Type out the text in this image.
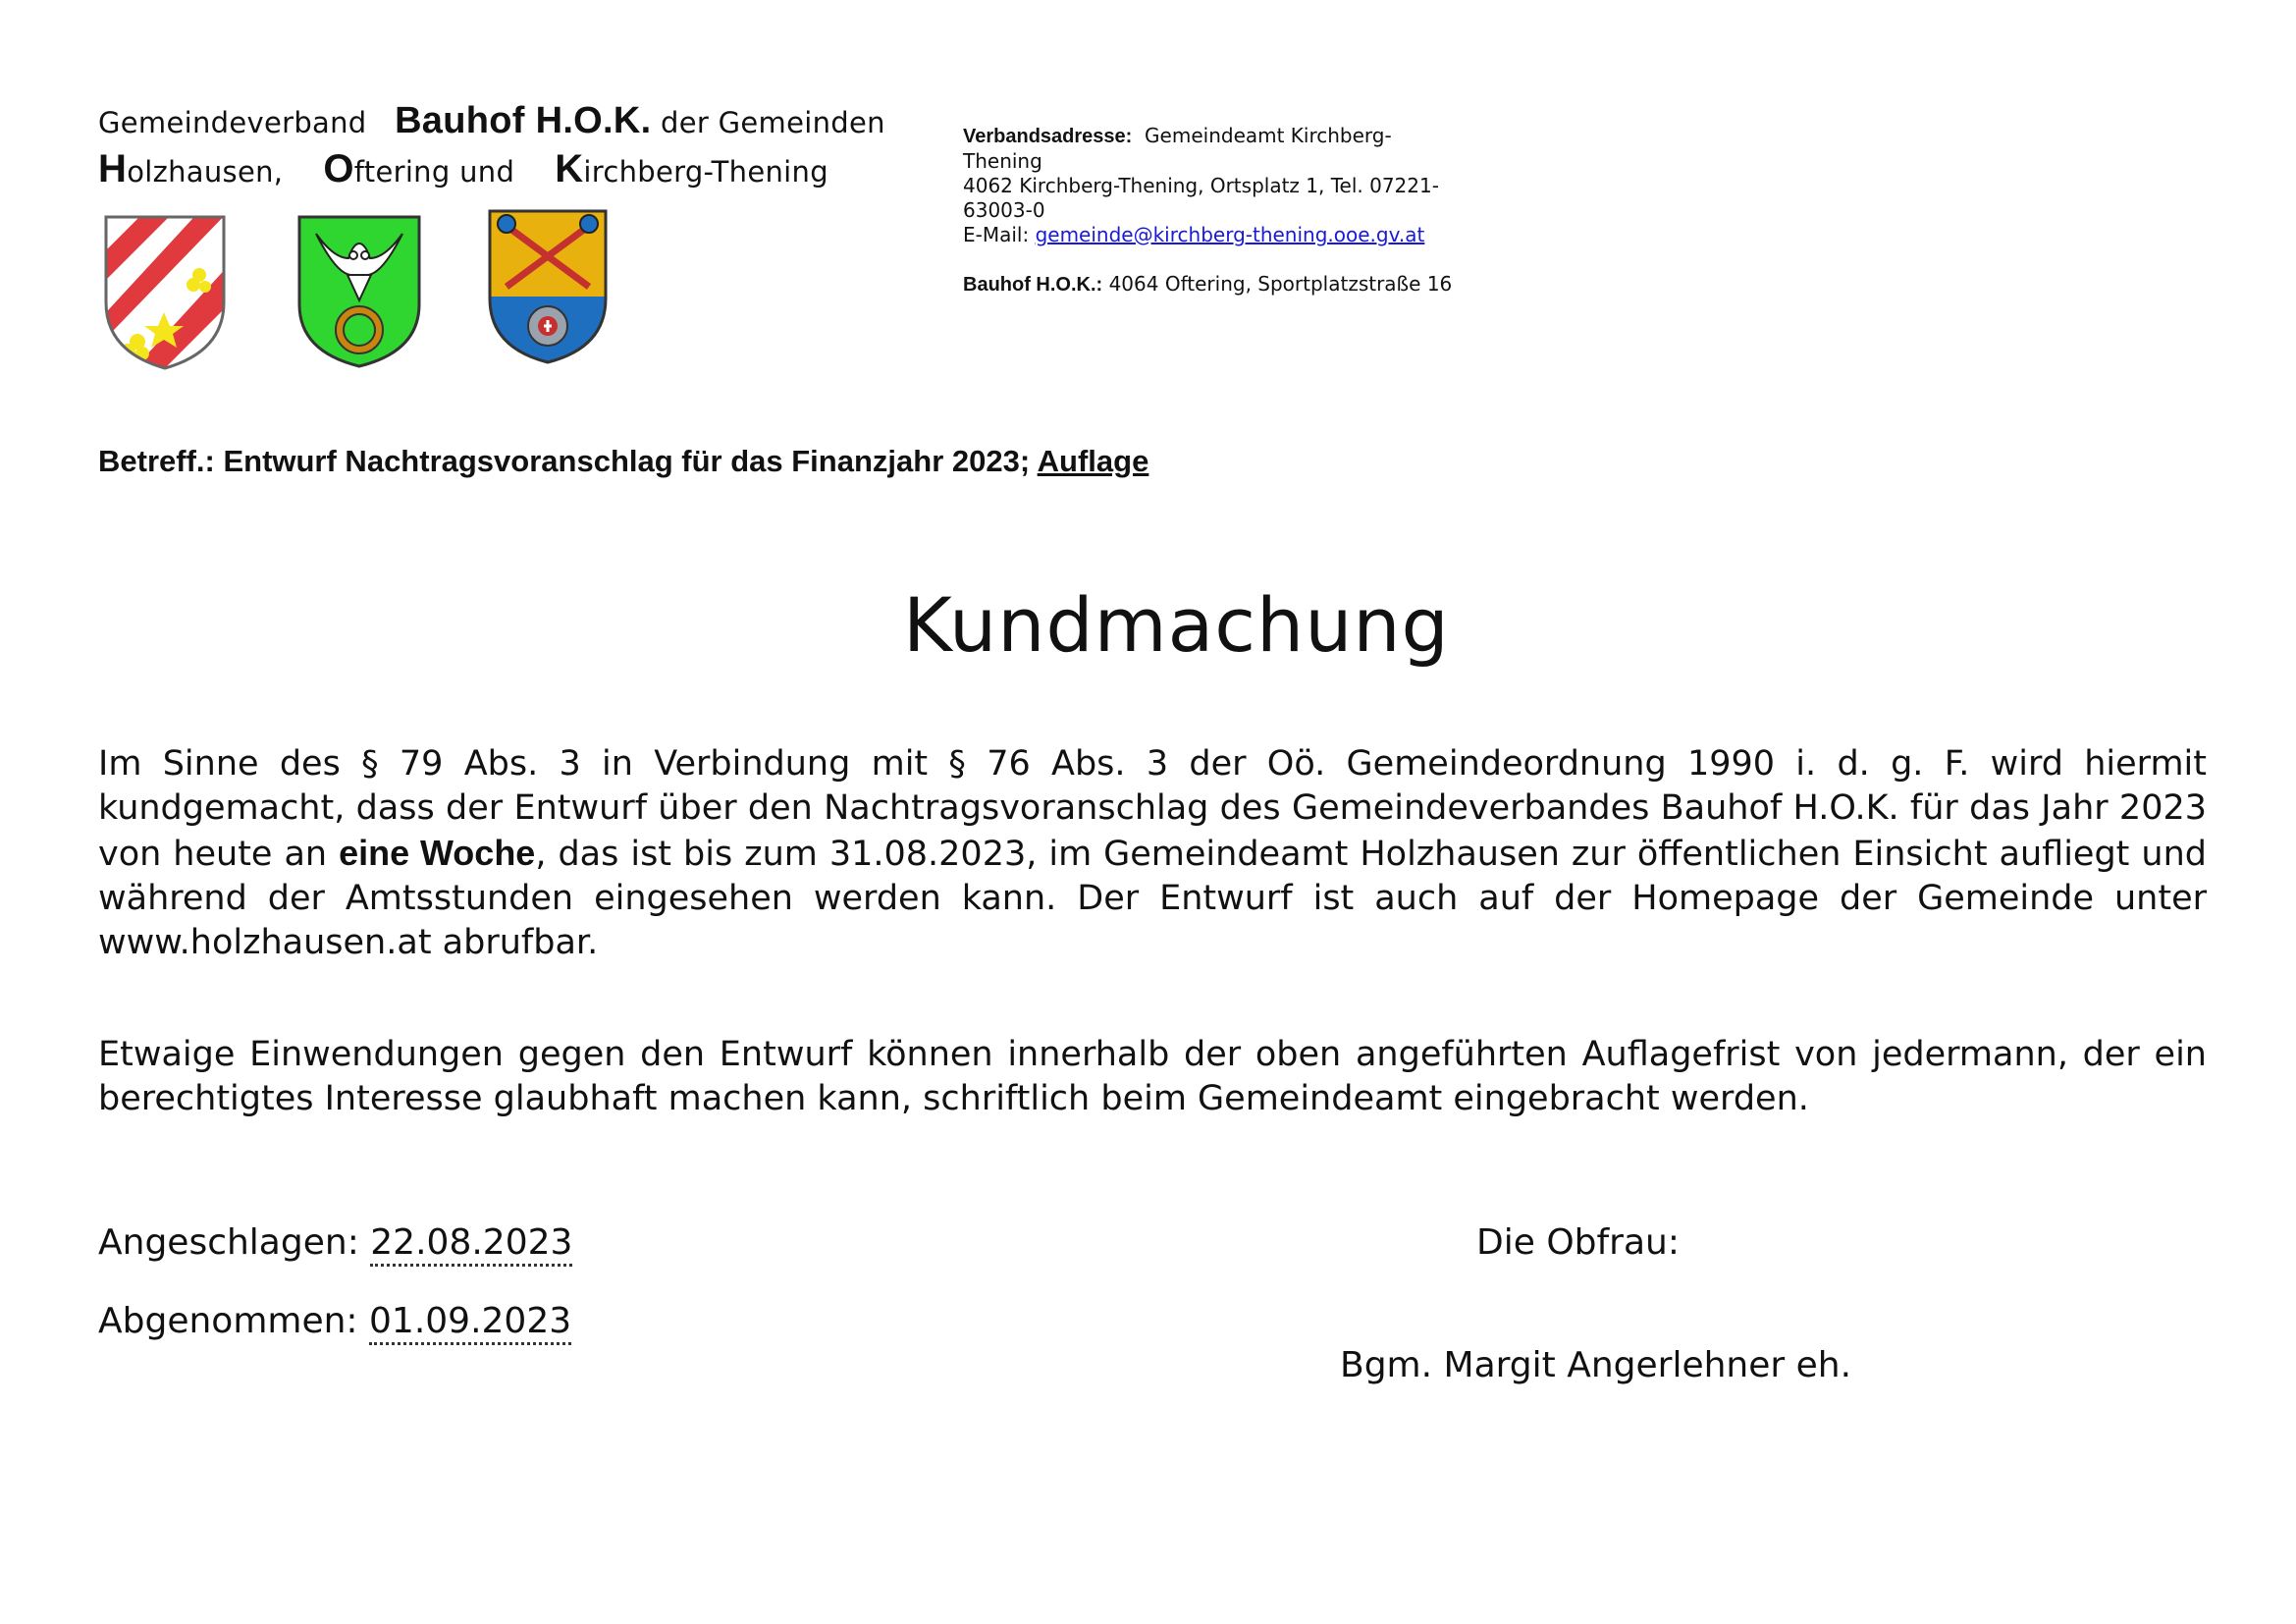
Gemeindeverband Bauhof H.O.K. der Gemeinden
Holzhausen, Oftering und Kirchberg-Thening
Verbandsadresse: Gemeindeamt Kirchberg-Thening
4062 Kirchberg-Thening, Ortsplatz 1, Tel. 07221-63003-0
E-Mail: gemeinde@kirchberg-thening.ooe.gv.at

Bauhof H.O.K.: 4064 Oftering, Sportplatzstraße 16
Betreff.: Entwurf Nachtragsvoranschlag für das Finanzjahr 2023; Auflage
Kundmachung
Im Sinne des § 79 Abs. 3 in Verbindung mit § 76 Abs. 3 der Oö. Gemeindeordnung 1990 i. d. g. F. wird hiermit kundgemacht, dass der Entwurf über den Nachtragsvoranschlag des Gemeindeverbandes Bauhof H.O.K. für das Jahr 2023 von heute an eine Woche, das ist bis zum 31.08.2023, im Gemeindeamt Holzhausen zur öffentlichen Einsicht aufliegt und während der Amtsstunden eingesehen werden kann. Der Entwurf ist auch auf der Homepage der Gemeinde unter www.holzhausen.at abrufbar.
Etwaige Einwendungen gegen den Entwurf können innerhalb der oben angeführten Auflagefrist von jedermann, der ein berechtigtes Interesse glaubhaft machen kann, schriftlich beim Gemeindeamt eingebracht werden.
Angeschlagen: 22.08.2023
Abgenommen: 01.09.2023
Die Obfrau:
Bgm. Margit Angerlehner eh.
